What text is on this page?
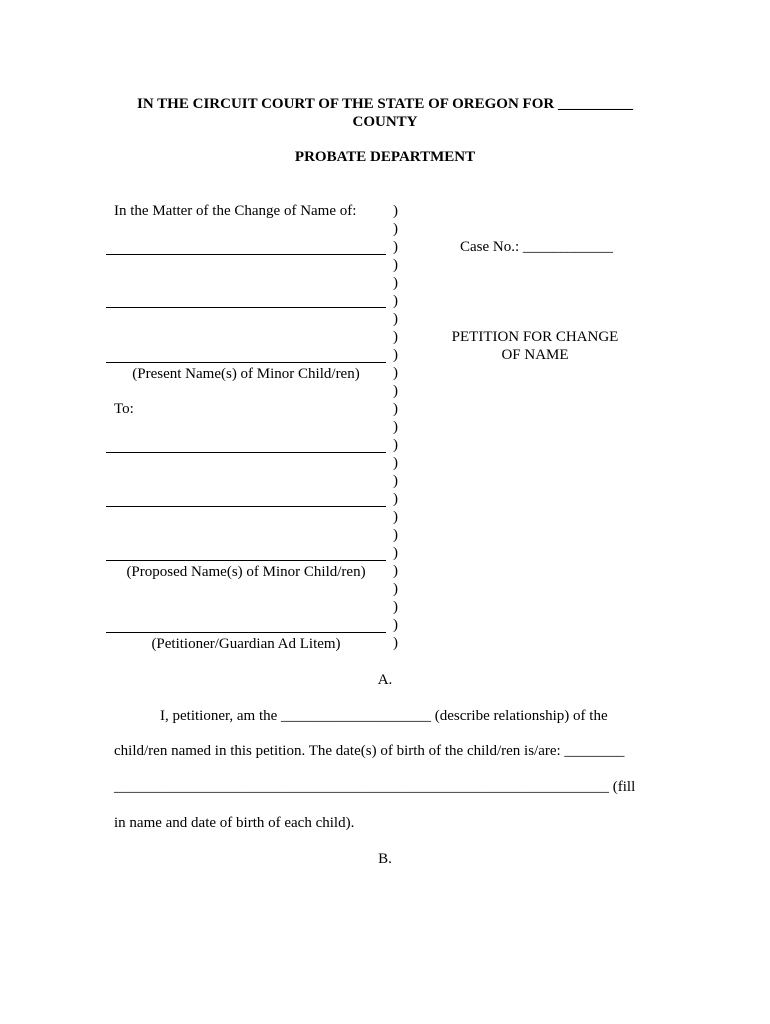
IN THE CIRCUIT COURT OF THE STATE OF OREGON FOR __________
COUNTY
PROBATE DEPARTMENT
In the Matter of the Change of Name of:
(Present Name(s) of Minor Child/ren)
To:
(Proposed Name(s) of Minor Child/ren)
(Petitioner/Guardian Ad Litem)
)
)
)
)
)
)
)
)
)
)
)
)
)
)
)
)
)
)
)
)
)
)
)
)
)
Case No.: ____________
PETITION FOR CHANGE
OF NAME
A.
I, petitioner, am the ____________________ (describe relationship) of the
child/ren named in this petition. The date(s) of birth of the child/ren is/are: ________
__________________________________________________________________ (fill
in name and date of birth of each child).
B.
